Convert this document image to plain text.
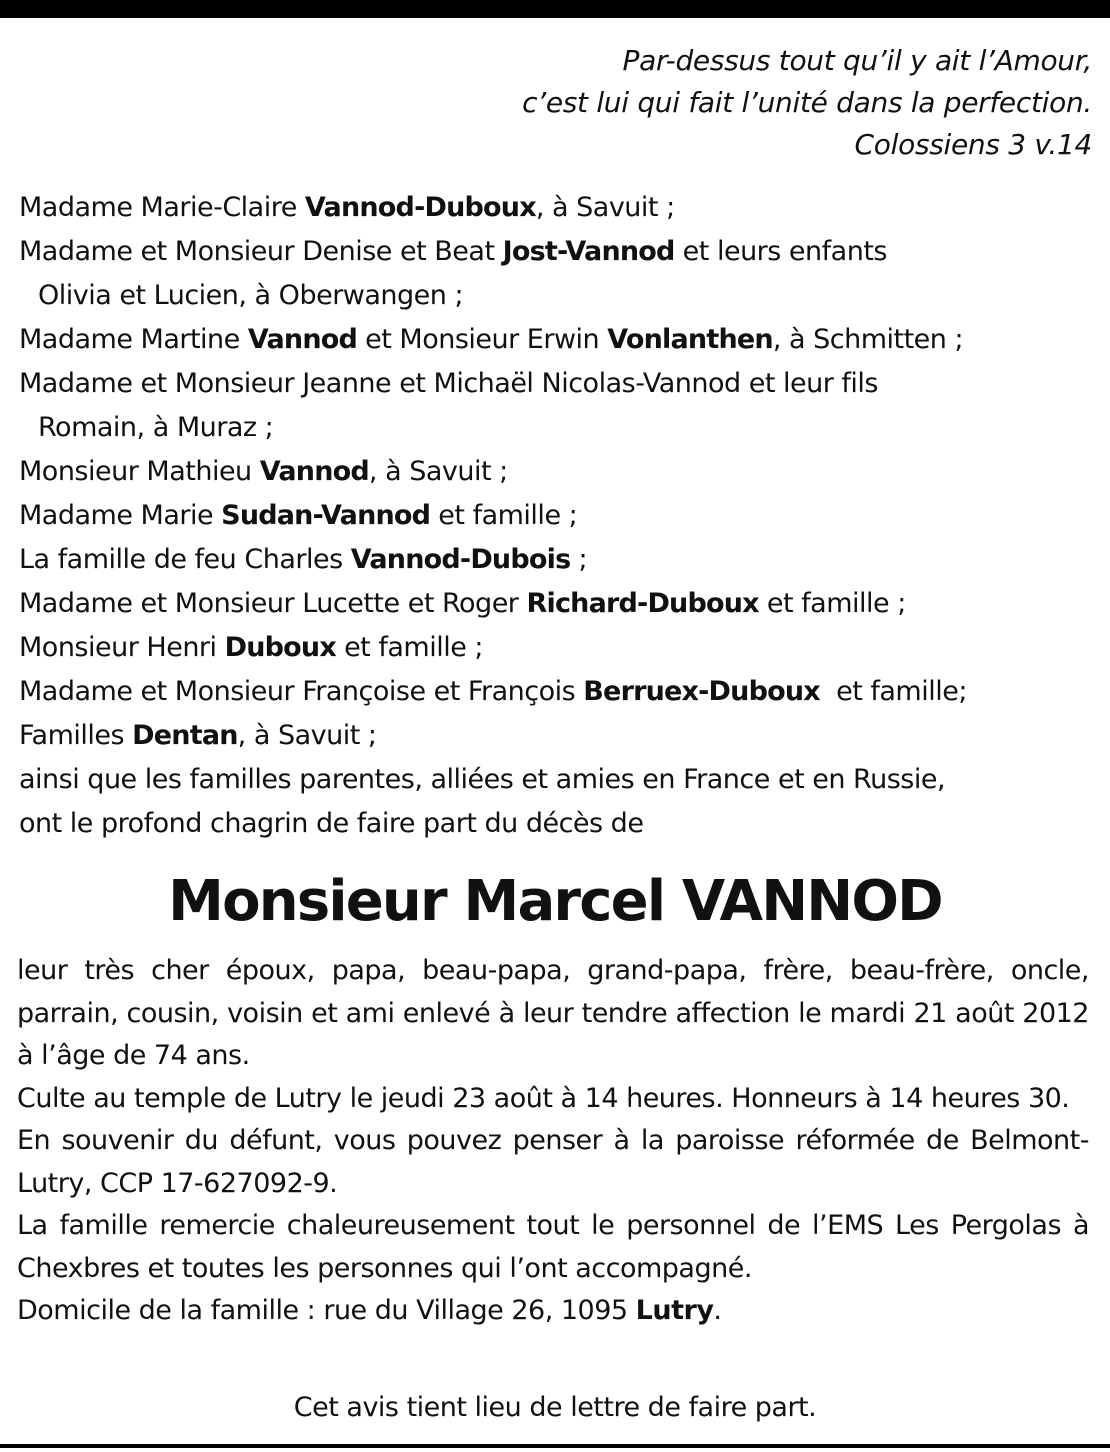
Par-dessus tout qu’il y ait l’Amour,
c’est lui qui fait l’unité dans la perfection.
Colossiens 3 v.14
Madame Marie-Claire Vannod-Duboux, à Savuit ;
Madame et Monsieur Denise et Beat Jost-Vannod et leurs enfants
Olivia et Lucien, à Oberwangen ;
Madame Martine Vannod et Monsieur Erwin Vonlanthen, à Schmitten ;
Madame et Monsieur Jeanne et Michaël Nicolas-Vannod et leur fils
Romain, à Muraz ;
Monsieur Mathieu Vannod, à Savuit ;
Madame Marie Sudan-Vannod et famille ;
La famille de feu Charles Vannod-Dubois ;
Madame et Monsieur Lucette et Roger Richard-Duboux et famille ;
Monsieur Henri Duboux et famille ;
Madame et Monsieur Françoise et François Berruex-Duboux  et famille;
Familles Dentan, à Savuit ;
ainsi que les familles parentes, alliées et amies en France et en Russie,
ont le profond chagrin de faire part du décès de
Monsieur Marcel VANNOD

leur très cher époux, papa, beau-papa, grand-papa, frère, beau-frère, oncle, parrain, cousin, voisin et ami enlevé à leur tendre affection le mardi 21 août 2012 à l’âge de 74 ans.

Culte au temple de Lutry le jeudi 23 août à 14 heures. Honneurs à 14 heures 30.

En souvenir du défunt, vous pouvez penser à la paroisse réformée de Belmont-Lutry, CCP 17-627092-9.

La famille remercie chaleureusement tout le personnel de l’EMS Les Pergolas à Chexbres et toutes les personnes qui l’ont accompagné.

Domicile de la famille : rue du Village 26, 1095 Lutry.

Cet avis tient lieu de lettre de faire part.
